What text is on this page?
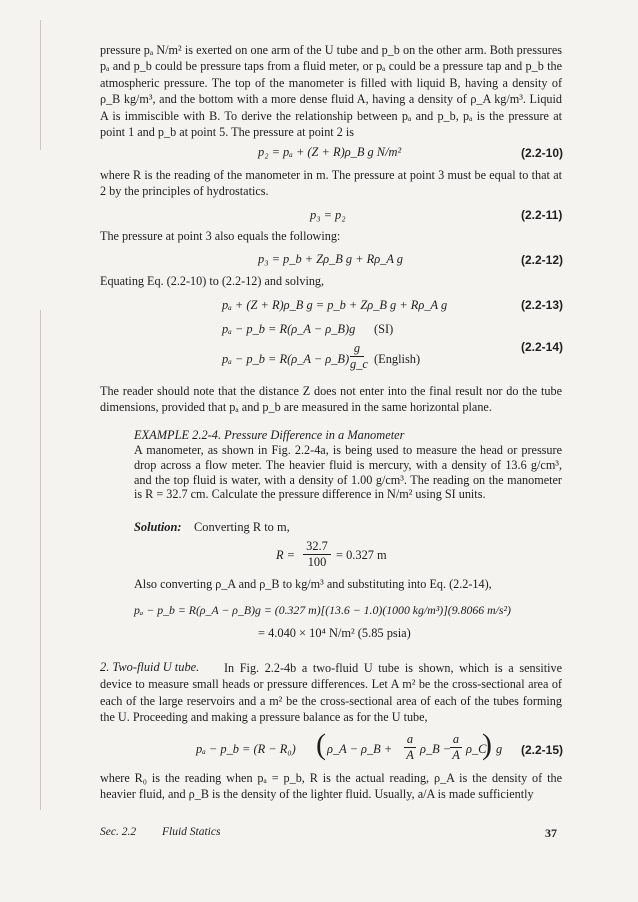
pressure pₐ N/m² is exerted on one arm of the U tube and p_b on the other arm. Both pressures pₐ and p_b could be pressure taps from a fluid meter, or pₐ could be a pressure tap and p_b the atmospheric pressure. The top of the manometer is filled with liquid B, having a density of ρ_B kg/m³, and the bottom with a more dense fluid A, having a density of ρ_A kg/m³. Liquid A is immiscible with B. To derive the relationship between pₐ and p_b, pₐ is the pressure at point 1 and p_b at point 5. The pressure at point 2 is

p₂ = pₐ + (Z + R)ρ_B g N/m²	(2.2-10)

where R is the reading of the manometer in m. The pressure at point 3 must be equal to that at 2 by the principles of hydrostatics.

p₃ = p₂	(2.2-11)

The pressure at point 3 also equals the following:

p₃ = p_b + Zρ_B g + Rρ_A g	(2.2-12)

Equating Eq. (2.2-10) to (2.2-12) and solving,

pₐ + (Z + R)ρ_B g = p_b + Zρ_B g + Rρ_A g	(2.2-13)
pₐ − p_b = R(ρ_A − ρ_B)g (SI)
(2.2-14)
pₐ − p_b = R(ρ_A − ρ_B) $\frac{g}{g\_c}$ (English)

The reader should note that the distance Z does not enter into the final result nor do the tube dimensions, provided that pₐ and p_b are measured in the same horizontal plane.

EXAMPLE 2.2-4. Pressure Difference in a Manometer

A manometer, as shown in Fig. 2.2-4a, is being used to measure the head or pressure drop across a flow meter. The heavier fluid is mercury, with a density of 13.6 g/cm³, and the top fluid is water, with a density of 1.00 g/cm³. The reading on the manometer is R = 32.7 cm. Calculate the pressure difference in N/m² using SI units.

Solution: Converting R to m,
$R = \frac{32.7}{100} = 0.327$ m
Also converting ρ_A and ρ_B to kg/m³ and substituting into Eq. (2.2-14),
pₐ − p_b = R(ρ_A − ρ_B)g = (0.327 m)[(13.6 − 1.0)(1000 kg/m³)](9.8066 m/s²)
= 4.040 × 10⁴ N/m² (5.85 psia)
2. Two-fluid U tube.	In Fig. 2.2-4b a two-fluid U tube is shown, which is a sensitive device to measure small heads or pressure differences. Let A m² be the cross-sectional area of each of the large reservoirs and a m² be the cross-sectional area of each of the tubes forming the U. Proceeding and making a pressure balance as for the U tube,

pₐ − p_b = (R − R₀) ( ρ_A − ρ_B + $\frac{a}{A}$ ρ_B −
$\frac{a}{A}$ ρ_C
) g (2.2-15)

where R₀ is the reading when pₐ = p_b, R is the actual reading, ρ_A is the density of the heavier fluid, and ρ_B is the density of the lighter fluid. Usually, a/A is made sufficiently

Sec. 2.2 Fluid Statics	37
